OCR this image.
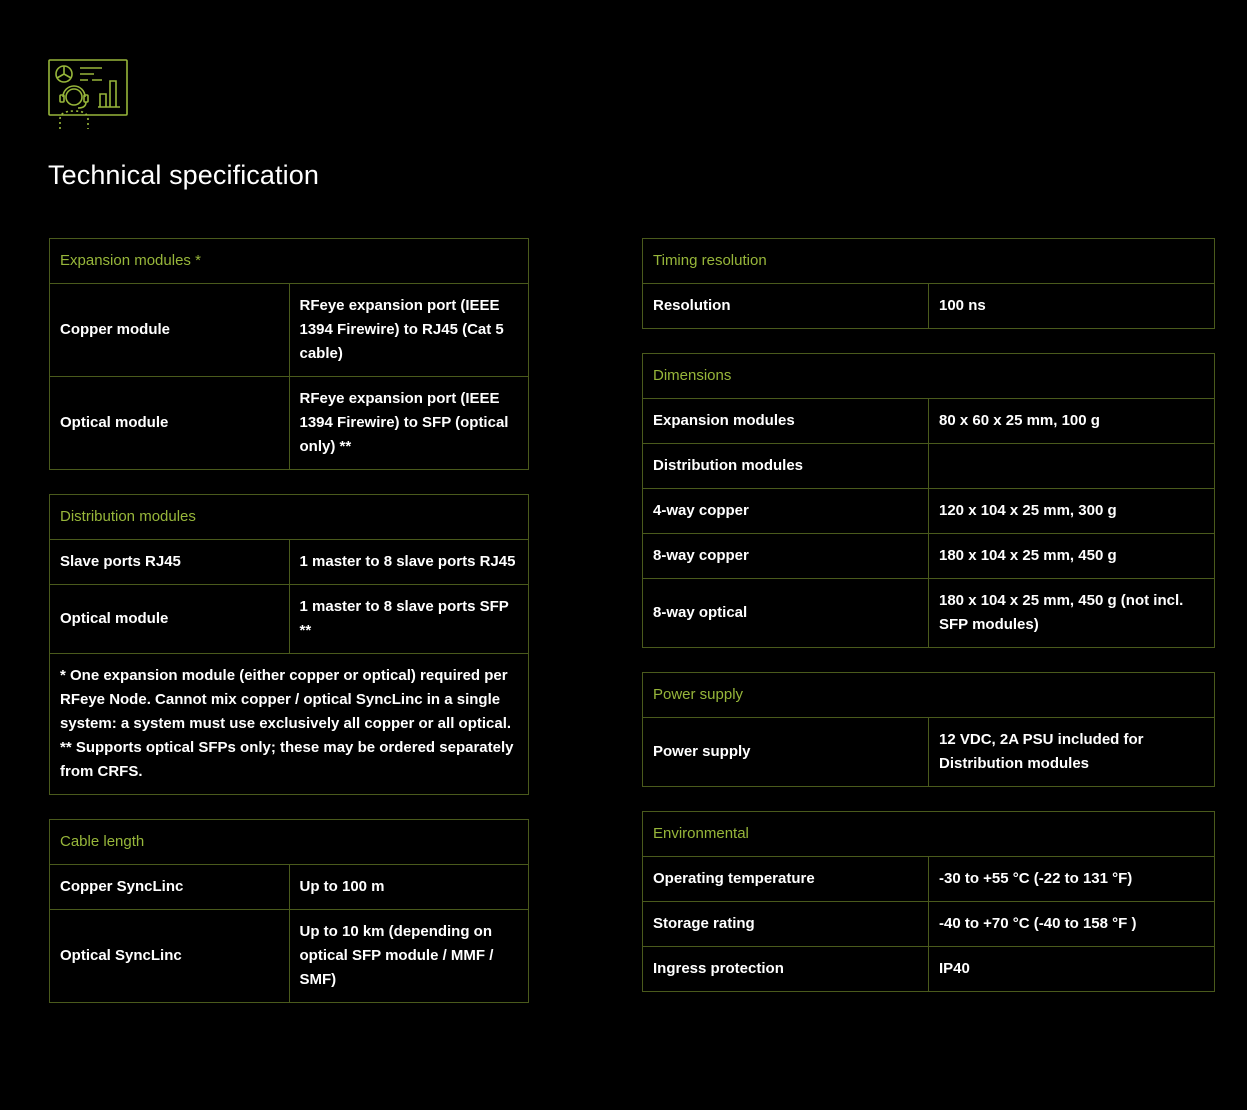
Technical specification
Expansion modules *	
Copper module	RFeye expansion port (IEEE 1394 Firewire) to RJ45 (Cat 5 cable)
Optical module	RFeye expansion port (IEEE 1394 Firewire) to SFP (optical only) **
Distribution modules	
Slave ports RJ45	1 master to 8 slave ports RJ45
Optical module	1 master to 8 slave ports SFP **

* One expansion module (either copper or optical) required per RFeye Node. Cannot mix copper / optical SyncLinc in a single system: a system must use exclusively all copper or all optical.
** Supports optical SFPs only; these may be ordered separately from CRFS.	
Cable length	
Copper SyncLinc	Up to 100 m
Optical SyncLinc	Up to 10 km (depending on optical SFP module / MMF / SMF)
Timing resolution
Resolution	100 ns
Dimensions	
Expansion modules	80 x 60 x 25 mm, 100 g
Distribution modules	
4-way copper	120 x 104 x 25 mm, 300 g
8-way copper	180 x 104 x 25 mm, 450 g
8-way optical	180 x 104 x 25 mm, 450 g (not incl. SFP modules)
Power supply
Power supply	12 VDC, 2A PSU included for Distribution modules
Environmental	
Operating temperature	-30 to +55 °C (-22 to 131 °F)
Storage rating	-40 to +70 °C (-40 to 158 °F )
Ingress protection	IP40
